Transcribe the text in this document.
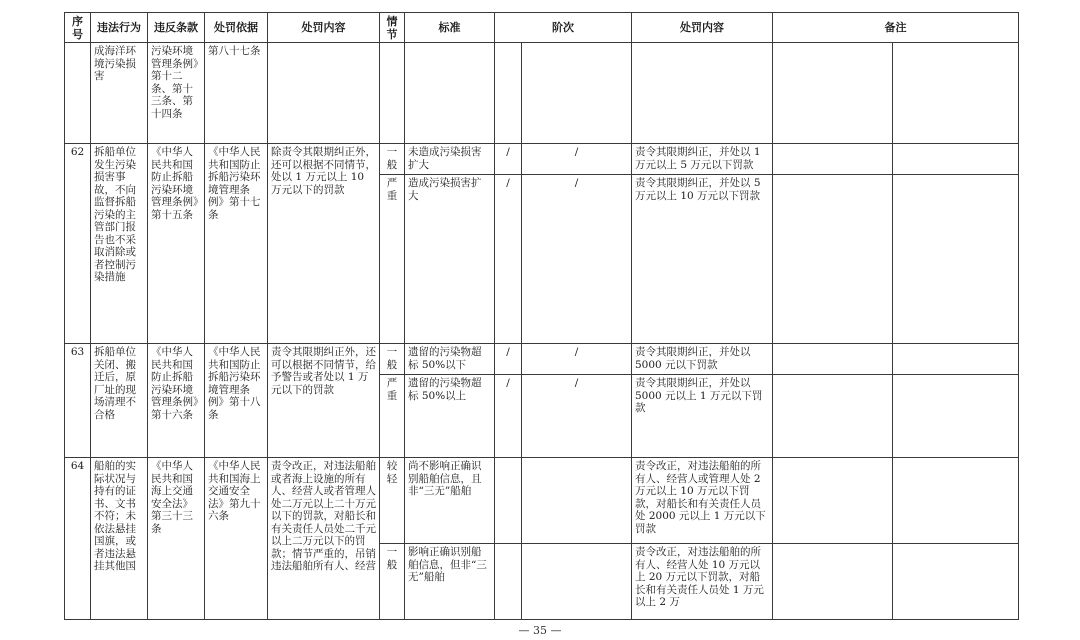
序号	违法行为	违反条款	处罚依据	处罚内容	情节	标准	阶次		处罚内容	备注	
	成海洋环境污染损害	污染环境管理条例》第十二条、第十三条、第十四条	第八十七条								
62	拆船单位发生污染损害事故，不向监督拆船污染的主管部门报告也不采取消除或者控制污染措施	《中华人民共和国防止拆船污染环境管理条例》第十五条	《中华人民共和国防止拆船污染环境管理条例》第十七条	除责令其限期纠正外，还可以根据不同情节，处以 1 万元以上 10 万元以下的罚款	一般	未造成污染损害扩大	/	/	责令其限期纠正，并处以 1 万元以上 5 万元以下罚款		
					严重	造成污染损害扩大	/	/	责令其限期纠正，并处以 5 万元以上 10 万元以下罚款		
63	拆船单位关闭、搬迁后，原厂址的现场清理不合格	《中华人民共和国防止拆船污染环境管理条例》第十六条	《中华人民共和国防止拆船污染环境管理条例》第十八条	责令其限期纠正外，还可以根据不同情节，给予警告或者处以 1 万元以下的罚款	一般	遗留的污染物超标 50%以下	/	/	责令其限期纠正，并处以 5000 元以下罚款		
					严重	遗留的污染物超标 50%以上	/	/	责令其限期纠正，并处以 5000 元以上 1 万元以下罚款		
64	船舶的实际状况与持有的证书、文书不符；未依法悬挂国旗，或者违法悬挂其他国	《中华人民共和国海上交通安全法》第三十三条	《中华人民共和国海上交通安全法》第九十六条	责令改正，对违法船舶或者海上设施的所有人、经营人或者管理人处二万元以上二十万元以下的罚款，对船长和有关责任人员处二千元以上二万元以下的罚款；情节严重的，吊销违法船舶所有人、经营	较轻	尚不影响正确识别船舶信息，且非“三无”船舶			责令改正，对违法船舶的所有人、经营人或管理人处 2 万元以上 10 万元以下罚款，对船长和有关责任人员处 2000 元以上 1 万元以下罚款		
					一般	影响正确识别船舶信息，但非“三无”船舶			责令改正，对违法船舶的所有人、经营人处 10 万元以上 20 万元以下罚款，对船长和有关责任人员处 1 万元以上 2 万		
— 35 —
